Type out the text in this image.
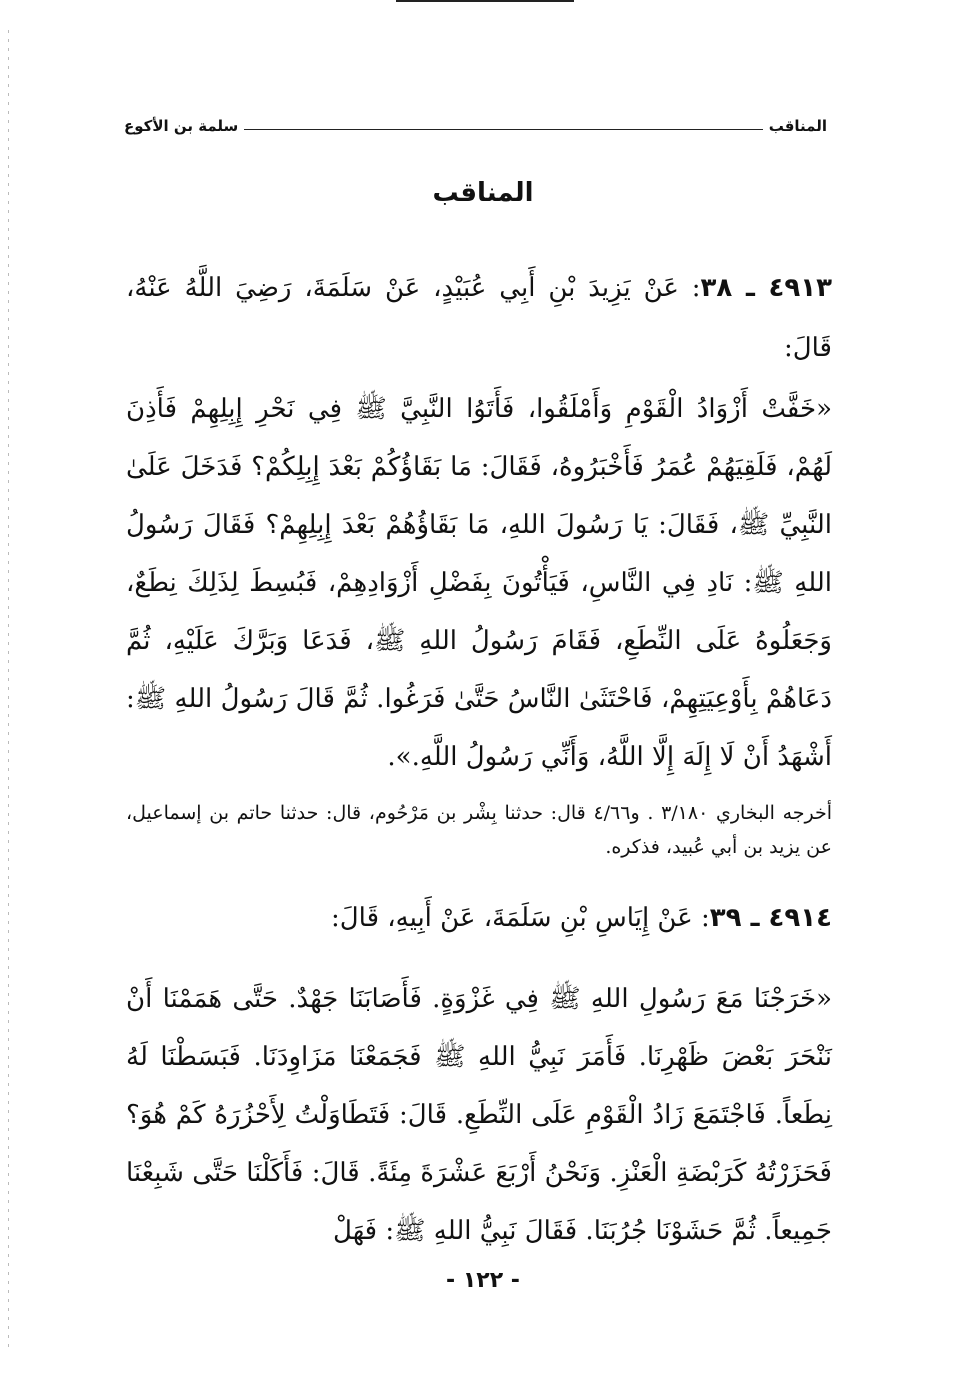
المناقب
سلمة بن الأكوع
المناقب
٤٩١٣ ـ ٣٨: عَنْ يَزِيدَ بْنِ أَبِي عُبَيْدٍ، عَنْ سَلَمَةَ، رَضِيَ اللَّهُ عَنْهُ، قَالَ:
«خَفَّتْ أَزْوَادُ الْقَوْمِ وَأَمْلَقُوا، فَأَتَوُا النَّبِيَّ ﷺ فِي نَحْرِ إِبِلِهِمْ فَأَذِنَ لَهُمْ، فَلَقِيَهُمْ عُمَرُ فَأَخْبَرُوهُ، فَقَالَ: مَا بَقَاؤُكُمْ بَعْدَ إِبِلِكُمْ؟ فَدَخَلَ عَلَىٰ النَّبِيِّ ﷺ، فَقَالَ: يَا رَسُولَ اللهِ، مَا بَقَاؤُهُمْ بَعْدَ إِبِلِهِمْ؟ فَقَالَ رَسُولُ اللهِ ﷺ: نَادِ فِي النَّاسِ، فَيَأْتُونَ بِفَضْلِ أَزْوَادِهِمْ، فَبُسِطَ لِذَلِكَ نِطَعٌ، وَجَعَلُوهُ عَلَى النِّطَعِ، فَقَامَ رَسُولُ اللهِ ﷺ، فَدَعَا وَبَرَّكَ عَلَيْهِ، ثُمَّ دَعَاهُمْ بِأَوْعِيَتِهِمْ، فَاحْتَثَىٰ النَّاسُ حَتَّىٰ فَرَغُوا. ثُمَّ قَالَ رَسُولُ اللهِ ﷺ: أَشْهَدُ أَنْ لَا إِلَهَ إِلَّا اللَّهُ، وَأَنِّي رَسُولُ اللَّهِ.».
أخرجه البخاري ٣/١٨٠ . و٤/٦٦ قال: حدثنا بِشْر بن مَرْحُوم، قال: حدثنا حاتم بن إسماعيل، عن يزيد بن أبي عُبيد، فذكره.
٤٩١٤ ـ ٣٩: عَنْ إِيَاسِ بْنِ سَلَمَةَ، عَنْ أَبِيهِ، قَالَ:
«خَرَجْنَا مَعَ رَسُولِ اللهِ ﷺ فِي غَزْوَةٍ. فَأَصَابَنَا جَهْدٌ. حَتَّى هَمَمْنَا أَنْ نَنْحَرَ بَعْضَ ظَهْرِنَا. فَأَمَرَ نَبِيُّ اللهِ ﷺ فَجَمَعْنَا مَزَاوِدَنَا. فَبَسَطْنَا لَهُ نِطَعاً. فَاجْتَمَعَ زَادُ الْقَوْمِ عَلَى النِّطَعِ. قَالَ: فَتَطَاوَلْتُ لِأَحْزُرَهُ كَمْ هُوَ؟ فَحَزَرْتُهُ كَرَبْضَةِ الْعَنْزِ. وَنَحْنُ أَرْبَعَ عَشْرَةَ مِئَةً. قَالَ: فَأَكَلْنَا حَتَّى شَبِعْنَا جَمِيعاً. ثُمَّ حَشَوْنَا جُرُبَنَا. فَقَالَ نَبِيُّ اللهِ ﷺ: فَهَلْ
- ١٢٢ -
